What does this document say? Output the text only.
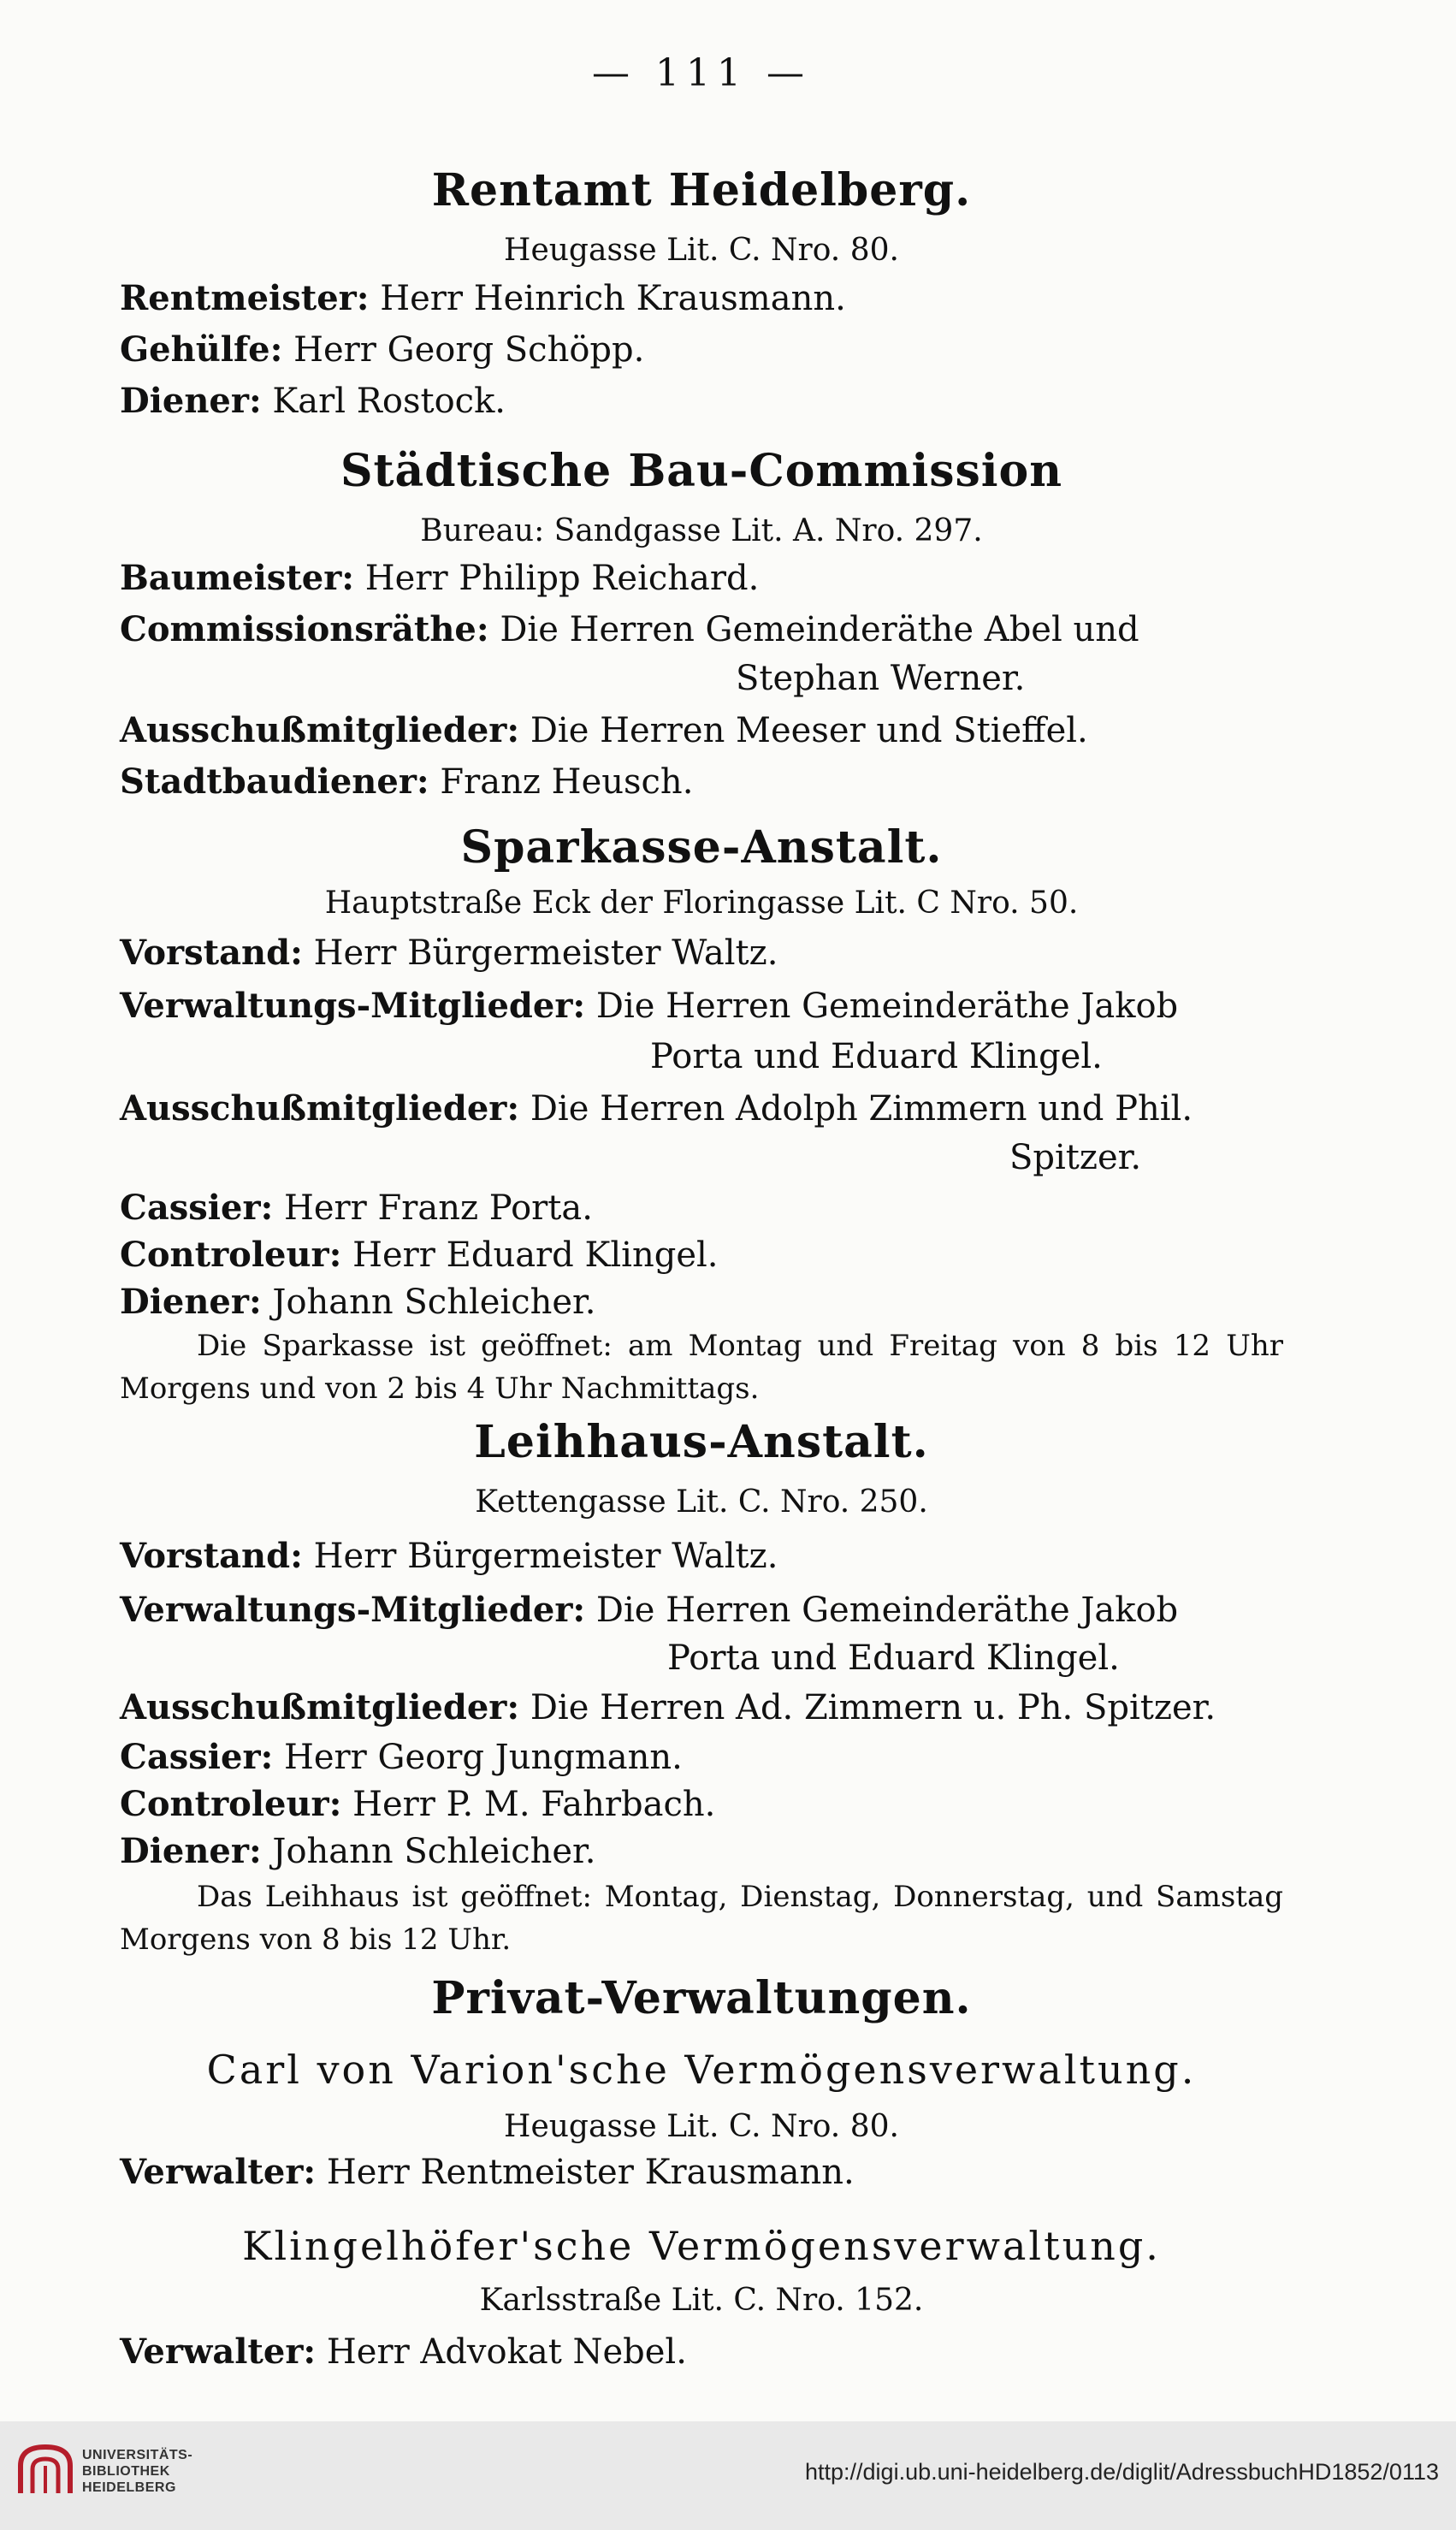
— 111 —
Rentamt Heidelberg.
Heugasse Lit. C. Nro. 80.
Rentmeister: Herr Heinrich Krausmann.
Gehülfe: Herr Georg Schöpp.
Diener: Karl Rostock.
Städtische Bau-Commission
Bureau: Sandgasse Lit. A. Nro. 297.
Baumeister: Herr Philipp Reichard.
Commissionsräthe: Die Herren Gemeinderäthe Abel und
Stephan Werner.
Ausschußmitglieder: Die Herren Meeser und Stieffel.
Stadtbaudiener: Franz Heusch.
Sparkasse-Anstalt.
Hauptstraße Eck der Floringasse Lit. C Nro. 50.
Vorstand: Herr Bürgermeister Waltz.
Verwaltungs-Mitglieder: Die Herren Gemeinderäthe Jakob
Porta und Eduard Klingel.
Ausschußmitglieder: Die Herren Adolph Zimmern und Phil.
Spitzer.
Cassier: Herr Franz Porta.
Controleur: Herr Eduard Klingel.
Diener: Johann Schleicher.
Die Sparkasse ist geöffnet: am Montag und Freitag von 8 bis 12 Uhr Morgens und von 2 bis 4 Uhr Nachmittags.
Leihhaus-Anstalt.
Kettengasse Lit. C. Nro. 250.
Vorstand: Herr Bürgermeister Waltz.
Verwaltungs-Mitglieder: Die Herren Gemeinderäthe Jakob
Porta und Eduard Klingel.
Ausschußmitglieder: Die Herren Ad. Zimmern u. Ph. Spitzer.
Cassier: Herr Georg Jungmann.
Controleur: Herr P. M. Fahrbach.
Diener: Johann Schleicher.
Das Leihhaus ist geöffnet: Montag, Dienstag, Donnerstag, und Samstag Morgens von 8 bis 12 Uhr.
Privat-Verwaltungen.
Carl von Varion'sche Vermögensverwaltung.
Heugasse Lit. C. Nro. 80.
Verwalter: Herr Rentmeister Krausmann.
Klingelhöfer'sche Vermögensverwaltung.
Karlsstraße Lit. C. Nro. 152.
Verwalter: Herr Advokat Nebel.
UNIVERSITÄTS-
BIBLIOTHEK
HEIDELBERG
http://digi.ub.uni-heidelberg.de/diglit/AdressbuchHD1852/0113
